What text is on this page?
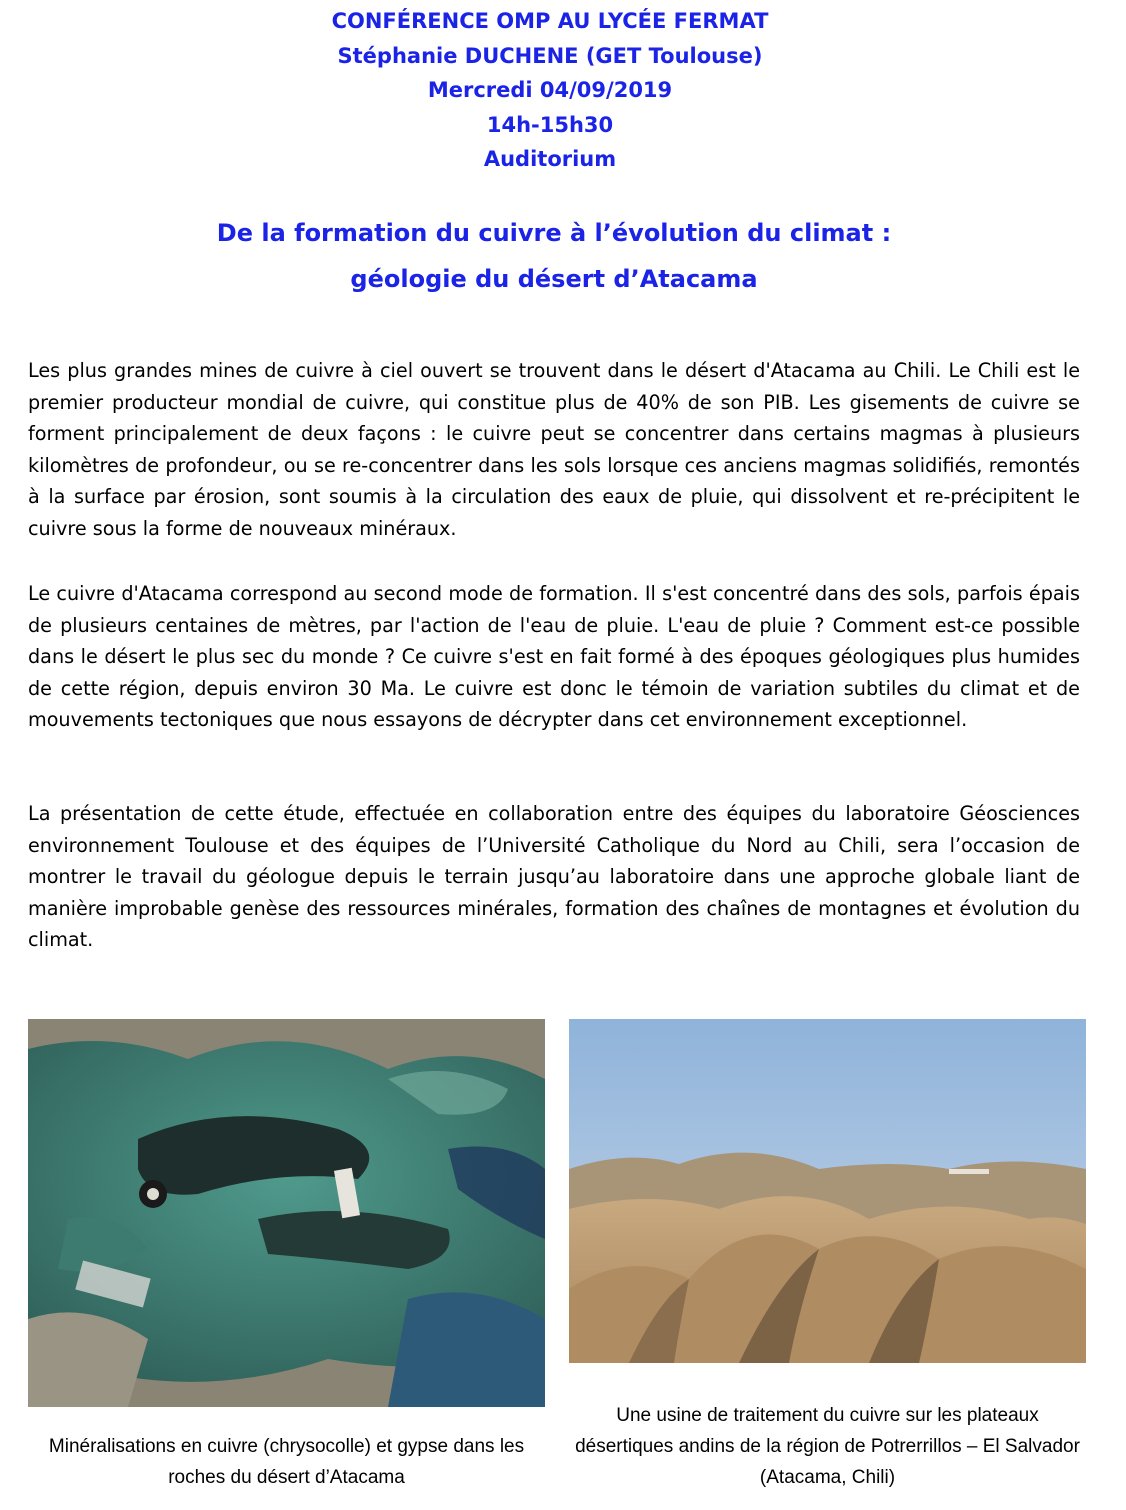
CONFÉRENCE OMP AU LYCÉE FERMAT
Stéphanie DUCHENE (GET Toulouse)
Mercredi 04/09/2019
14h-15h30
Auditorium
De la formation du cuivre à l’évolution du climat :
géologie du désert d’Atacama

Les plus grandes mines de cuivre à ciel ouvert se trouvent dans le désert d'Atacama au Chili. Le Chili est le premier producteur mondial de cuivre, qui constitue plus de 40% de son PIB. Les gisements de cuivre se forment principalement de deux façons : le cuivre peut se concentrer dans certains magmas à plusieurs kilomètres de profondeur, ou se re-concentrer dans les sols lorsque ces anciens magmas solidifiés, remontés à la surface par érosion, sont soumis à la circulation des eaux de pluie, qui dissolvent et re-précipitent le cuivre sous la forme de nouveaux minéraux.

Le cuivre d'Atacama correspond au second mode de formation. Il s'est concentré dans des sols, parfois épais de plusieurs centaines de mètres, par l'action de l'eau de pluie. L'eau de pluie ? Comment est-ce possible dans le désert le plus sec du monde ? Ce cuivre s'est en fait formé à des époques géologiques plus humides de cette région, depuis environ 30 Ma. Le cuivre est donc le témoin de variation subtiles du climat et de mouvements tectoniques que nous essayons de décrypter dans cet environnement exceptionnel.

La présentation de cette étude, effectuée en collaboration entre des équipes du laboratoire Géosciences environnement Toulouse et des équipes de l’Université Catholique du Nord au Chili, sera l’occasion de montrer le travail du géologue depuis le terrain jusqu’au laboratoire dans une approche globale liant de manière improbable genèse des ressources minérales, formation des chaînes de montagnes et évolution du climat.

Minéralisations en cuivre (chrysocolle) et gypse dans les roches du désert d’Atacama
Une usine de traitement du cuivre sur les plateaux désertiques andins de la région de Potrerrillos – El Salvador (Atacama, Chili)
